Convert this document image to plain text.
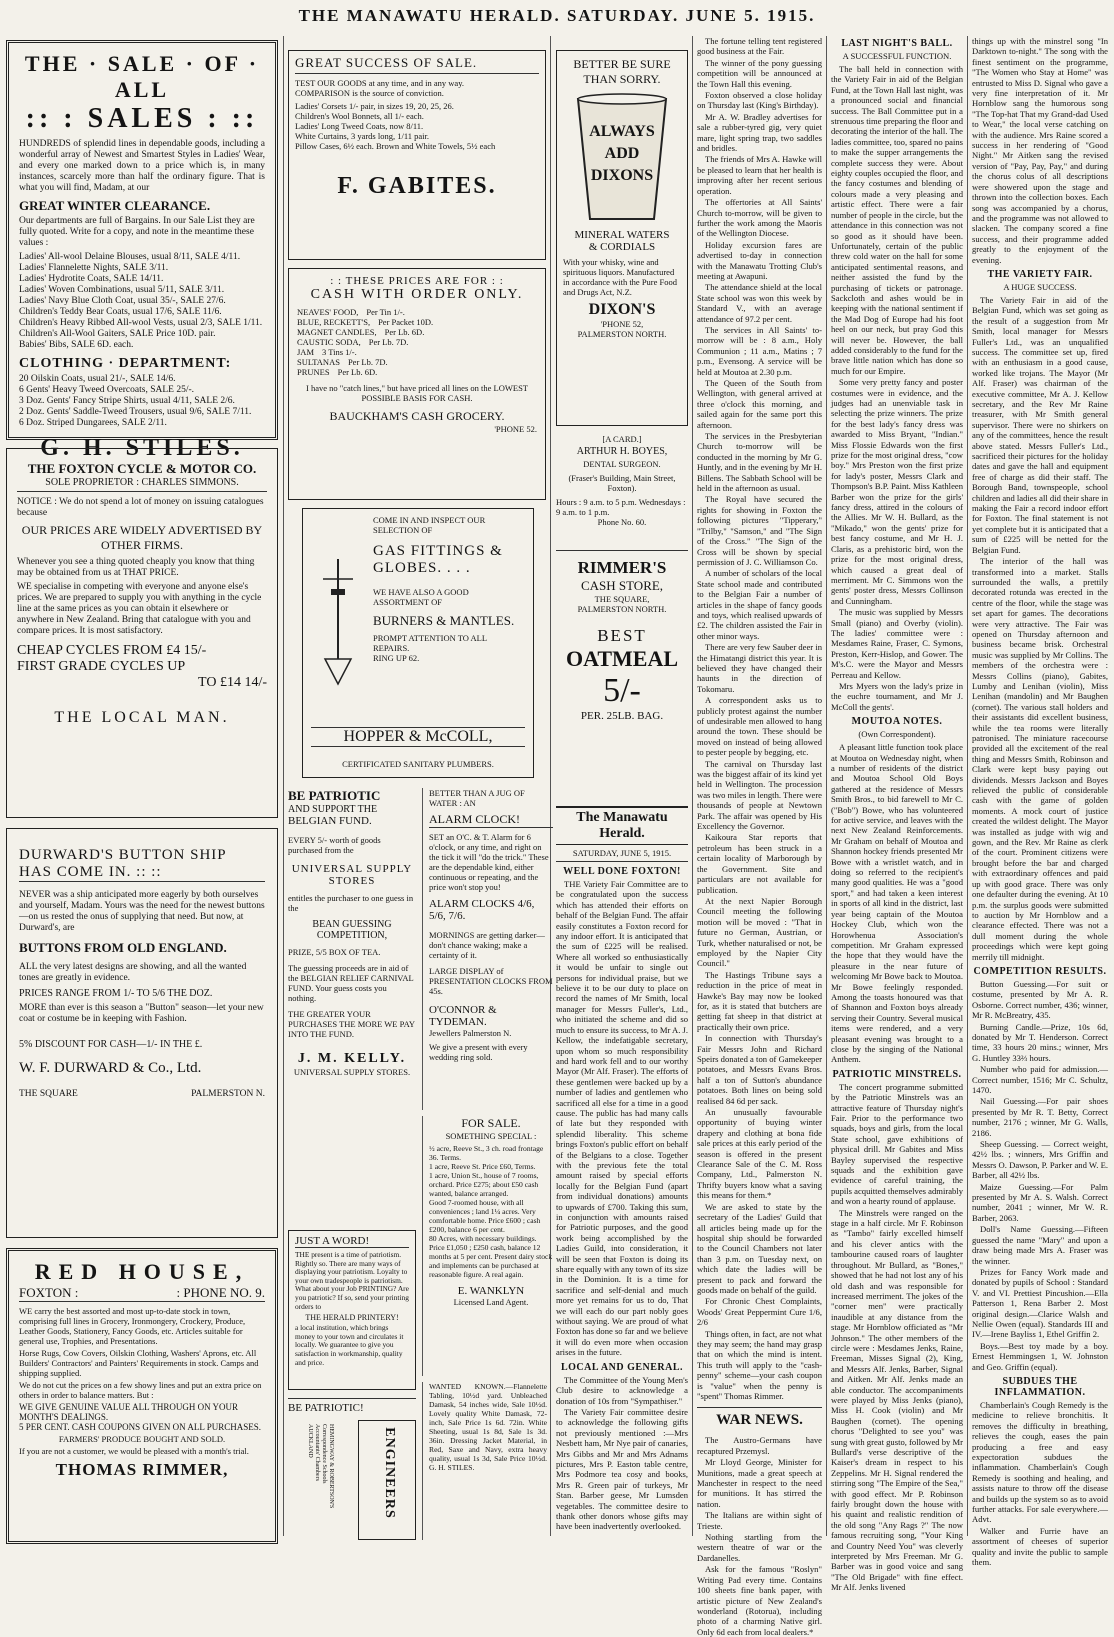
THE MANAWATU HERALD. SATURDAY. JUNE 5. 1915.
THE · SALE · OF · ALL
:: : SALES : ::

HUNDREDS of splendid lines in dependable goods, including a wonderful array of Newest and Smartest Styles in Ladies' Wear, and every one marked down to a price which is, in many instances, scarcely more than half the ordinary figure. That is what you will find, Madam, at our

GREAT WINTER CLEARANCE.

Our departments are full of Bargains. In our Sale List they are fully quoted. Write for a copy, and note in the meantime these values :

Ladies' All-wool Delaine Blouses, usual 8/11, SALE 4/11.
Ladies' Flannelette Nights, SALE 3/11.
Ladies' Hydrotite Coats, SALE 14/11.
Ladies' Woven Combinations, usual 5/11, SALE 3/11.
Ladies' Navy Blue Cloth Coat, usual 35/-, SALE 27/6.
Children's Teddy Bear Coats, usual 17/6, SALE 11/6.
Children's Heavy Ribbed All-wool Vests, usual 2/3, SALE 1/11.
Children's All-Wool Gaiters, SALE Price 10D. pair.
Babies' Bibs, SALE 6D. each.
CLOTHING · DEPARTMENT:
20 Oilskin Coats, usual 21/-, SALE 14/6.
6 Gents' Heavy Tweed Overcoats, SALE 25/-.
3 Doz. Gents' Fancy Stripe Shirts, usual 4/11, SALE 2/6.
2 Doz. Gents' Saddle-Tweed Trousers, usual 9/6, SALE 7/11.
6 Doz. Striped Dungarees, SALE 2/11.
G. H. STILES.
THE FOXTON CYCLE & MOTOR CO.
SOLE PROPRIETOR : CHARLES SIMMONS.

NOTICE : We do not spend a lot of money on issuing catalogues because

OUR PRICES ARE WIDELY ADVERTISED BY OTHER FIRMS.

Whenever you see a thing quoted cheaply you know that thing may be obtained from us at THAT PRICE.

WE specialise in competing with everyone and anyone else's prices. We are prepared to supply you with anything in the cycle line at the same prices as you can obtain it elsewhere or anywhere in New Zealand. Bring that catalogue with you and compare prices. It is most satisfactory.

CHEAP CYCLES FROM £4 15/-
FIRST GRADE CYCLES UP
TO £14 14/-
THE LOCAL MAN.
DURWARD'S BUTTON SHIP
HAS COME IN. :: ::

NEVER was a ship anticipated more eagerly by both ourselves and yourself, Madam. Yours was the need for the newest buttons—on us rested the onus of supplying that need. But now, at Durward's, are

BUTTONS FROM OLD ENGLAND.

ALL the very latest designs are showing, and all the wanted tones are greatly in evidence.

PRICES RANGE FROM 1/- TO 5/6 THE DOZ.

MORE than ever is this season a "Button" season—let your new coat or costume be in keeping with Fashion.

5% DISCOUNT FOR CASH—1/- IN THE £.
W. F. DURWARD & Co., Ltd.
THE SQUARE	PALMERSTON N.
RED HOUSE,
FOXTON :	: PHONE NO. 9.

WE carry the best assorted and most up-to-date stock in town, comprising full lines in Grocery, Ironmongery, Crockery, Produce, Leather Goods, Stationery, Fancy Goods, etc. Articles suitable for general use, Trophies, and Presentations.

Horse Rugs, Cow Covers, Oilskin Clothing, Washers' Aprons, etc. All Builders' Contractors' and Painters' Requirements in stock. Camps and shipping supplied.

We do not cut the prices on a few showy lines and put an extra price on others in order to balance matters. But :

WE GIVE GENUINE VALUE ALL THROUGH ON YOUR MONTH'S DEALINGS.
5 PER CENT. CASH COUPONS GIVEN ON ALL PURCHASES.
FARMERS' PRODUCE BOUGHT AND SOLD.

If you are not a customer, we would be pleased with a month's trial.

THOMAS RIMMER,
GREAT SUCCESS OF SALE.
TEST OUR GOODS at any time, and in any way.
COMPARISON is the source of conviction.
Ladies' Corsets 1/- pair, in sizes 19, 20, 25, 26.
Children's Wool Bonnets, all 1/- each.
Ladies' Long Tweed Coats, now 8/11.
White Curtains, 3 yards long, 1/11 pair.
Pillow Cases, 6½ each. Brown and White Towels, 5½ each
F. GABITES.
: : THESE PRICES ARE FOR : :
CASH WITH ORDER ONLY.
NEAVES' FOOD, Per Tin 1/-.
BLUE, RECKETT'S, Per Packet 10D.
MAGNET CANDLES, Per Lb. 6D.
CAUSTIC SODA, Per Lb. 7D.
JAM 3 Tins 1/-.
SULTANAS Per Lb. 7D.
PRUNES Per Lb. 6D.

I have no "catch lines," but have priced all lines on the LOWEST POSSIBLE BASIS FOR CASH.

BAUCKHAM'S CASH GROCERY.
'PHONE 52.
COME IN AND INSPECT OUR
SELECTION OF
GAS FITTINGS &
GLOBES. . . .
WE HAVE ALSO A GOOD ASSORTMENT OF
BURNERS & MANTLES.
PROMPT ATTENTION TO ALL REPAIRS.
RING UP 62.
HOPPER & McCOLL,
CERTIFICATED SANITARY PLUMBERS.
BE PATRIOTIC
AND SUPPORT THE
BELGIAN FUND.

EVERY 5/- worth of goods purchased from the

UNIVERSAL SUPPLY STORES

entitles the purchaser to one guess in the

BEAN GUESSING COMPETITION,
PRIZE, 5/5 BOX OF TEA.

The guessing proceeds are in aid of the BELGIAN RELIEF CARNIVAL FUND. Your guess costs you nothing.

THE GREATER YOUR PURCHASES THE MORE WE PAY INTO THE FUND.
J. M. KELLY.
UNIVERSAL SUPPLY STORES.
JUST A WORD!

THE present is a time of patriotism. Rightly so. There are many ways of displaying your patriotism. Loyalty to your own tradespeople is patriotism. What about your Job PRINTING? Are you patriotic? If so, send your printing orders to

THE HERALD PRINTERY!

a local institution, which brings money to your town and circulates it locally. We guarantee to give you satisfaction in workmanship, quality and price.

BE PATRIOTIC!
ENGINEERS
HEMINGWAY & ROBERTSON'S
Correspondence Schools
Accountants' Chambers
AUCKLAND
BETTER THAN A JUG OF WATER : AN
ALARM CLOCK!

SET an O'C. & T. Alarm for 6 o'clock, or any time, and right on the tick it will "do the trick." These are the dependable kind, either continuous or repeating, and the price won't stop you!

ALARM CLOCKS 4/6, 5/6, 7/6.

MORNINGS are getting darker—don't chance waking; make a certainty of it.

LARGE DISPLAY of PRESENTATION CLOCKS FROM 45s.
O'CONNOR & TYDEMAN.
Jewellers Palmerston N.

We give a present with every wedding ring sold.

FOR SALE.
SOMETHING SPECIAL :
½ acre, Reeve St., 3 ch. road frontage 36. Terms.
1 acre, Reeve St. Price £60, Terms.
1 acre, Union St., house of 7 rooms, orchard. Price £275; about £50 cash wanted, balance arranged.
Good 7-roomed house, with all conveniences ; land 1¼ acres. Very comfortable home. Price £600 ; cash £200, balance 6 per cent.
80 Acres, with necessary buildings. Price £1,050 ; £250 cash, balance 12 months at 5 per cent. Present dairy stock and implements can be purchased at reasonable figure. A real again.
E. WANKLYN
Licensed Land Agent.

WANTED KNOWN.—Flannelette Tabling, 10½d yard. Unbleached Damask, 54 inches wide, Sale 10½d. Lovely quality White Damask, 72-inch, Sale Price 1s 6d. 72in. White Sheeting, usual 1s 8d, Sale 1s 3d. 36in. Dressing Jacket Material, in Red, Saxe and Navy, extra heavy quality, usual 1s 3d, Sale Price 10½d. G. H. STILES.

BETTER BE SURE
THAN SORRY.
ALWAYS
ADD
DIXONS
MINERAL WATERS
& CORDIALS

With your whisky, wine and spirituous liquors. Manufactured in accordance with the Pure Food and Drugs Act, N.Z.

DIXON'S
'PHONE 52,
PALMERSTON NORTH.
[A CARD.]
ARTHUR H. BOYES,
DENTAL SURGEON.

(Fraser's Building, Main Street, Foxton).

Hours : 9 a.m. to 5 p.m. Wednesdays : 9 a.m. to 1 p.m.

Phone No. 60.
RIMMER'S
CASH STORE,
THE SQUARE,
PALMERSTON NORTH.
BEST
OATMEAL
5/-
PER. 25LB. BAG.
The Manawatu Herald.
SATURDAY, JUNE 5, 1915.
WELL DONE FOXTON!

THE Variety Fair Committee are to be congratulated upon the success which has attended their efforts on behalf of the Belgian Fund. The affair easily constitutes a Foxton record for any indoor effort. It is anticipated that the sum of £225 will be realised. Where all worked so enthusiastically it would be unfair to single out persons for individual praise, but we believe it to be our duty to place on record the names of Mr Smith, local manager for Messrs Fuller's, Ltd., who initiated the scheme and did so much to ensure its success, to Mr A. J. Kellow, the indefatigable secretary, upon whom so much responsibility and hard work fell and to our worthy Mayor (Mr Alf. Fraser). The efforts of these gentlemen were backed up by a number of ladies and gentlemen who sacrificed all else for a time in a good cause. The public has had many calls of late but they responded with splendid liberality. This scheme brings Foxton's public effort on behalf of the Belgians to a close. Together with the previous fete the total amount raised by special efforts locally for the Belgian Fund (apart from individual donations) amounts to upwards of £700. Taking this sum, in conjunction with amounts raised for Patriotic purposes, and the good work being accomplished by the Ladies Guild, into consideration, it will be seen that Foxton is doing its share equally with any town of its size in the Dominion. It is a time for sacrifice and self-denial and much more yet remains for us to do, That we will each do our part nobly goes without saying. We are proud of what Foxton has done so far and we believe it will do even more when occasion arises in the future.

LOCAL AND GENERAL.

The Committee of the Young Men's Club desire to acknowledge a donation of 10s from "Sympathiser."

The Variety Fair committee desire to acknowledge the following gifts not previously mentioned :—Mrs Nesbett ham, Mr Nye pair of canaries, Mrs Gibbs and Mr and Mrs Adnams pictures, Mrs P. Easton table centre, Mrs Podmore tea cosy and books, Mrs R. Green pair of turkeys, Mr Stan. Barber geese, Mr Lumsden vegetables. The committee desire to thank other donors whose gifts may have been inadvertently overlooked.

The fortune telling tent registered good business at the Fair.

The winner of the pony guessing competition will be announced at the Town Hall this evening.

Foxton observed a close holiday on Thursday last (King's Birthday).

Mr A. W. Bradley advertises for sale a rubber-tyred gig, very quiet mare, light spring trap, two saddles and bridles.

The friends of Mrs A. Hawke will be pleased to learn that her health is improving after her recent serious operation.

The offertories at All Saints' Church to-morrow, will be given to further the work among the Maoris of the Wellington Diocese.

Holiday excursion fares are advertised to-day in connection with the Manawatu Trotting Club's meeting at Awapuni.

The attendance shield at the local State school was won this week by Standard V., with an average attendance of 97.2 per cent.

The services in All Saints' to-morrow will be : 8 a.m., Holy Communion ; 11 a.m., Matins ; 7 p.m., Evensong. A service will be held at Moutoa at 2.30 p.m.

The Queen of the South from Wellington, with general arrived at three o'clock this morning, and sailed again for the same port this afternoon.

The services in the Presbyterian Church to-morrow will be conducted in the morning by Mr G. Huntly, and in the evening by Mr H. Billens. The Sabbath School will be held in the afternoon as usual.

The Royal have secured the rights for showing in Foxton the following pictures "Tipperary," "Trilby," "Samson," and "The Sign of the Cross." "The Sign of the Cross will be shown by special permission of J. C. Williamson Co.

A number of scholars of the local State school made and contributed to the Belgian Fair a number of articles in the shape of fancy goods and toys, which realised upwards of £2. The children assisted the Fair in other minor ways.

There are very few Sauber deer in the Himatangi district this year. It is believed they have changed their haunts in the direction of Tokomaru.

A correspondent asks us to publicly protest against the number of undesirable men allowed to hang around the town. These should be moved on instead of being allowed to pester people by begging, etc.

The carnival on Thursday last was the biggest affair of its kind yet held in Wellington. The procession was two miles in length. There were thousands of people at Newtown Park. The affair was opened by His Excellency the Governor.

Kaikoura Star reports that petroleum has been struck in a certain locality of Marborough by the Government. Site and particulars are not available for publication.

At the next Napier Borough Council meeting the following motion will be moved : "That in future no German, Austrian, or Turk, whether naturalised or not, be employed by the Napier City Council."

The Hastings Tribune says a reduction in the price of meat in Hawke's Bay may now be looked for, as it is stated that butchers are getting fat sheep in that district at practically their own price.

In connection with Thursday's Fair Messrs John and Richard Speirs donated a ton of Gamekeeper potatoes, and Messrs Evans Bros. half a ton of Sutton's abundance potatoes. Both lines on being sold realised 84 6d per sack.

An unusually favourable opportunity of buying winter drapery and clothing at bona fide sale prices at this early period of the season is offered in the present Clearance Sale of the C. M. Ross Company, Ltd., Palmerston N. Thrifty buyers know what a saving this means for them.*

We are asked to state by the secretary of the Ladies' Guild that all articles being made up for the hospital ship should be forwarded to the Council Chambers not later than 3 p.m. on Tuesday next, on which date the ladies will be present to pack and forward the goods made on behalf of the guild.

For Chronic Chest Complaints, Woods' Great Peppermint Cure 1/6, 2/6

Things often, in fact, are not what they may seem; the hand may grasp that on which the mind is intent. This truth will apply to the "cash-penny" scheme—your cash coupon is "value" when the penny is "spent" Thomas Rimmer.

WAR NEWS.

The Austro-Germans have recaptured Przemysl.

Mr Lloyd George, Minister for Munitions, made a great speech at Manchester in respect to the need for munitions. It has stirred the nation.

The Italians are within sight of Trieste.

Nothing startling from the western theatre of war or the Dardanelles.

Ask for the famous "Roslyn" Writing Pad every time. Contains 100 sheets fine bank paper, with artistic picture of New Zealand's wonderland (Rotorua), including photo of a charming Native girl. Only 6d each from local dealers.*

LAST NIGHT'S BALL.
A SUCCESSFUL FUNCTION.

The ball held in connection with the Variety Fair in aid of the Belgian Fund, at the Town Hall last night, was a pronounced social and financial success. The Ball Committee put in a strenuous time preparing the floor and decorating the interior of the hall. The ladies committee, too, spared no pains to make the supper arrangements the complete success they were. About eighty couples occupied the floor, and the fancy costumes and blending of colours made a very pleasing and artistic effect. There were a fair number of people in the circle, but the attendance in this connection was not so good as it should have been. Unfortunately, certain of the public threw cold water on the hall for some anticipated sentimental reasons, and neither assisted the fund by the purchasing of tickets or patronage. Sackcloth and ashes would be in keeping with the national sentiment if the Mad Dog of Europe had his foot heel on our neck, but pray God this will never be. However, the ball added considerably to the fund for the brave little nation which has done so much for our Empire.

Some very pretty fancy and poster costumes were in evidence, and the judges had an unenviable task in selecting the prize winners. The prize for the best lady's fancy dress was awarded to Miss Bryant, "Indian." Miss Flossie Edwards won the first prize for the most original dress, "cow boy." Mrs Preston won the first prize for lady's poster, Messrs Clark and Thompson's B.P. Paint. Miss Kathleen Barber won the prize for the girls' fancy dress, attired in the colours of the Allies. Mr W. H. Bullard, as the "Mikado," won the gents' prize for best fancy costume, and Mr H. J. Claris, as a prehistoric bird, won the prize for the most original dress, which caused a great deal of merriment. Mr C. Simmons won the gents' poster dress, Messrs Collinson and Cunningham.

The music was supplied by Messrs Small (piano) and Overby (violin). The ladies' committee were : Mesdames Raine, Fraser, C. Symons, Preston, Kerr-Hislop, and Gower. The M's.C. were the Mayor and Messrs Perreau and Kellow.

Mrs Myers won the lady's prize in the euchre tournament, and Mr J. McColl the gents'.

MOUTOA NOTES.
(Own Correspondent).

A pleasant little function took place at Moutoa on Wednesday night, when a number of residents of the district and Moutoa School Old Boys gathered at the residence of Messrs Smith Bros., to bid farewell to Mr C. ("Bob") Bowe, who has volunteered for active service, and leaves with the next New Zealand Reinforcements. Mr Graham on behalf of Moutoa and Shannon hockey friends presented Mr Bowe with a wristlet watch, and in doing so referred to the recipient's many good qualities. He was a "good sport," and had taken a keen interest in sports of all kind in the district, last year being captain of the Moutoa Hockey Club, which won the Horowhenua Association's competition. Mr Graham expressed the hope that they would have the pleasure in the near future of welcoming Mr Bowe back to Moutoa. Mr Bowe feelingly responded. Among the toasts honoured was that of Shannon and Foxton boys already serving their Country. Several musical items were rendered, and a very pleasant evening was brought to a close by the singing of the National Anthem.

PATRIOTIC MINSTRELS.

The concert programme submitted by the Patriotic Minstrels was an attractive feature of Thursday night's Fair. Prior to the performance two squads, boys and girls, from the local State school, gave exhibitions of physical drill. Mr Gabites and Miss Bayley supervised the respective squads and the exhibition gave evidence of careful training, the pupils acquitted themselves admirably and won a hearty round of applause.

The Minstrels were ranged on the stage in a half circle. Mr F. Robinson as "Tambo" fairly excelled himself and his clever antics with the tambourine caused roars of laughter throughout. Mr Bullard, as "Bones," showed that he had not lost any of his old dash and was responsible for increased merriment. The jokes of the "corner men" were practically inaudible at any distance from the stage. Mr Hornblow officiated as "Mr Johnson." The other members of the circle were : Mesdames Jenks, Raine, Freeman, Misses Signal (2), King, and Messrs Alf. Jenks, Barber, Signal and Aitken. Mr Alf. Jenks made an able conductor. The accompaniments were played by Miss Jenks (piano), Miss H. Cook (violin) and Mr Baughen (cornet). The opening chorus "Delighted to see you" was sung with great gusto, followed by Mr Bullard's verse descriptive of the Kaiser's dream in respect to his Zeppelins. Mr H. Signal rendered the stirring song "The Empire of the Sea," with good effect. Mr P. Robinson fairly brought down the house with his quaint and realistic rendition of the old song "Any Rags ?" The now famous recruiting song, "Your King and Country Need You" was cleverly interpreted by Mrs Freeman. Mr G. Barber was in good voice and sang "The Old Brigade" with fine effect. Mr Alf. Jenks livened

things up with the minstrel song "In Darktown to-night." The song with the finest sentiment on the programme, "The Women who Stay at Home" was entrusted to Miss D. Signal who gave a very fine interpretation of it. Mr Hornblow sang the humorous song "The Top-hat That my Grand-dad Used to Wear," the local verse catching on with the audience. Mrs Raine scored a success in her rendering of "Good Night." Mr Aitken sang the revised version of "Pay, Pay, Pay," and during the chorus colus of all descriptions were showered upon the stage and thrown into the collection boxes. Each song was accompanied by a chorus, and the programme was not allowed to slacken. The company scored a fine success, and their programme added greatly to the enjoyment of the evening.

THE VARIETY FAIR.
A HUGE SUCCESS.

The Variety Fair in aid of the Belgian Fund, which was set going as the result of a suggestion from Mr Smith, local manager for Messrs Fuller's Ltd., was an unqualified success. The committee set up, fired with an enthusiasm in a good cause, worked like trojans. The Mayor (Mr Alf. Fraser) was chairman of the executive committee, Mr A. J. Kellow secretary, and the Rev Mr Raine treasurer, with Mr Smith general supervisor. There were no shirkers on any of the committees, hence the result above stated. Messrs Fuller's Ltd., sacrificed their pictures for the holiday dates and gave the hall and equipment free of charge as did their staff. The Borough Band, townspeople, school children and ladies all did their share in making the Fair a record indoor effort for Foxton. The final statement is not yet complete but it is anticipated that a sum of £225 will be netted for the Belgian Fund.

The interior of the hall was transformed into a market. Stalls surrounded the walls, a prettily decorated rotunda was erected in the centre of the floor, while the stage was set apart for games. The decorations were very attractive. The Fair was opened on Thursday afternoon and business became brisk. Orchestral music was supplied by Mr Collins. The members of the orchestra were : Messrs Collins (piano), Gabites, Lumby and Lenihan (violin), Miss Lenihan (mandolin) and Mr Baughen (cornet). The various stall holders and their assistants did excellent business, while the tea rooms were literally patronised. The miniature racecourse provided all the excitement of the real thing and Messrs Smith, Robinson and Clark were kept busy paying out dividends. Messrs Jackson and Boyes relieved the public of considerable cash with the game of golden moments. A mock court of justice created the wildest delight. The Mayor was installed as judge with wig and gown, and the Rev. Mr Raine as clerk of the court. Prominent citizens were brought before the bar and charged with extraordinary offences and paid up with good grace. There was only one defaulter during the evening. At 10 p.m. the surplus goods were submitted to auction by Mr Hornblow and a clearance effected. There was not a dull moment during the whole proceedings which were kept going merrily till midnight.

COMPETITION RESULTS.

Button Guessing.—For suit or costume, presented by Mr A. R. Osborne. Correct number, 436; winner, Mr R. McBreatry, 435.

Burning Candle.—Prize, 10s 6d, donated by Mr T. Henderson. Correct time, 33 hours 20 mins.; winner, Mrs G. Huntley 33⅔ hours.

Number who paid for admission.—Correct number, 1516; Mr C. Schultz, 1470.

Nail Guessing.—For pair shoes presented by Mr R. T. Betty, Correct number, 2176 ; winner, Mr G. Walls, 2186.

Sheep Guessing. — Correct weight, 42½ lbs. ; winners, Mrs Griffin and Messrs O. Dawson, P. Parker and W. E. Barber, all 42½ lbs.

Maize Guessing.—For Palm presented by Mr A. S. Walsh. Correct number, 2041 ; winner, Mr W. R. Barber, 2063.

Doll's Name Guessing.—Fifteen guessed the name "Mary" and upon a draw being made Mrs A. Fraser was the winner.

Prizes for Fancy Work made and donated by pupils of School : Standard V. and VI. Prettiest Pincushion.—Ella Patterson 1, Rena Barber 2. Most original design.—Clarice Walsh and Nellie Owen (equal). Standards III and IV.—Irene Bayliss 1, Ethel Griffin 2.

Boys.—Best toy made by a boy. Ernest Hemmingsen 1, W. Johnston and Geo. Griffin (equal).

SUBDUES THE INFLAMMATION.

Chamberlain's Cough Remedy is the medicine to relieve bronchitis. It removes the difficulty in breathing, relieves the cough, eases the pain producing a free and easy expectoration subdues the inflammation. Chamberlain's Cough Remedy is soothing and healing, and assists nature to throw off the disease and builds up the system so as to avoid further attacks. For sale everywhere.—Advt.

Walker and Furrie have an assortment of cheeses of superior quality and invite the public to sample them.
